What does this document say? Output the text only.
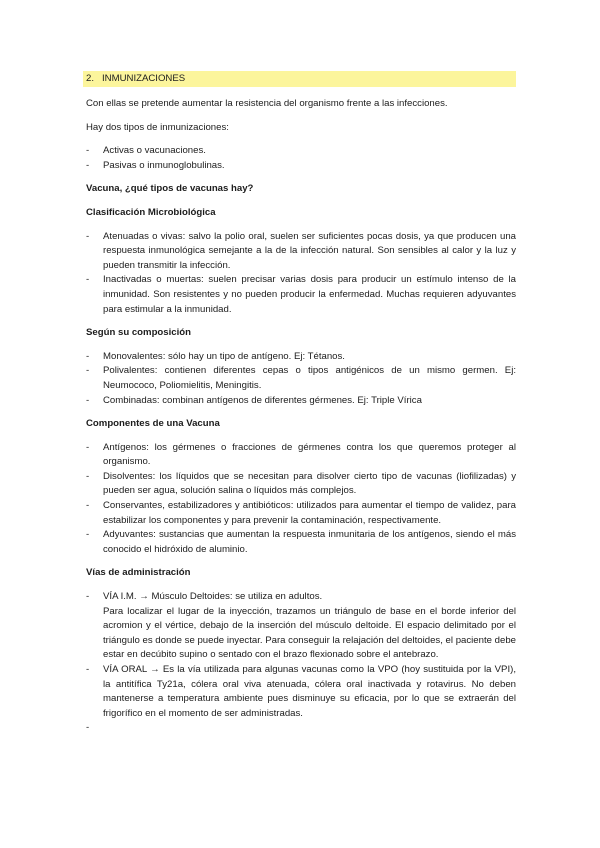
2. INMUNIZACIONES

Con ellas se pretende aumentar la resistencia del organismo frente a las infecciones.

Hay dos tipos de inmunizaciones:

- Activas o vacunaciones.
- Pasivas o inmunoglobulinas.

Vacuna, ¿qué tipos de vacunas hay?

Clasificación Microbiológica

- Atenuadas o vivas: salvo la polio oral, suelen ser suficientes pocas dosis, ya que producen una respuesta inmunológica semejante a la de la infección natural. Son sensibles al calor y la luz y pueden transmitir la infección.
- Inactivadas o muertas: suelen precisar varias dosis para producir un estímulo intenso de la inmunidad. Son resistentes y no pueden producir la enfermedad. Muchas requieren adyuvantes para estimular a la inmunidad.

Según su composición

- Monovalentes: sólo hay un tipo de antígeno. Ej: Tétanos.
- Polivalentes: contienen diferentes cepas o tipos antigénicos de un mismo germen. Ej: Neumococo, Poliomielitis, Meningitis.
- Combinadas: combinan antígenos de diferentes gérmenes. Ej: Triple Vírica

Componentes de una Vacuna

- Antígenos: los gérmenes o fracciones de gérmenes contra los que queremos proteger al organismo.
- Disolventes: los líquidos que se necesitan para disolver cierto tipo de vacunas (liofilizadas) y pueden ser agua, solución salina o líquidos más complejos.
- Conservantes, estabilizadores y antibióticos: utilizados para aumentar el tiempo de validez, para estabilizar los componentes y para prevenir la contaminación, respectivamente.
- Adyuvantes: sustancias que aumentan la respuesta inmunitaria de los antígenos, siendo el más conocido el hidróxido de aluminio.

Vías de administración

- VÍA I.M. → Músculo Deltoides: se utiliza en adultos.
Para localizar el lugar de la inyección, trazamos un triángulo de base en el borde inferior del acromion y el vértice, debajo de la inserción del músculo deltoide. El espacio delimitado por el triángulo es donde se puede inyectar. Para conseguir la relajación del deltoides, el paciente debe estar en decúbito supino o sentado con el brazo flexionado sobre el antebrazo.
- VÍA ORAL → Es la vía utilizada para algunas vacunas como la VPO (hoy sustituida por la VPI), la antitífica Ty21a, cólera oral viva atenuada, cólera oral inactivada y rotavirus. No deben mantenerse a temperatura ambiente pues disminuye su eficacia, por lo que se extraerán del frigorífico en el momento de ser administradas.
-
